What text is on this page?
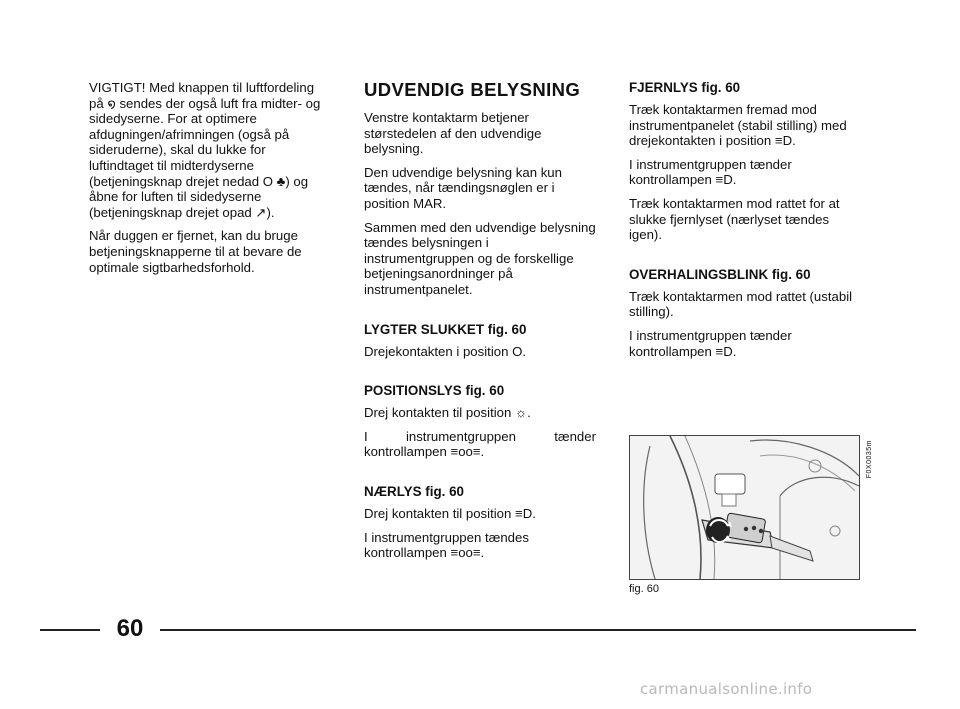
VIGTIGT! Med knappen til luftfordeling på ໑ sendes der også luft fra midter- og sidedyserne. For at optimere afdugningen/afrimningen (også på sideruderne), skal du lukke for luftindtaget til midterdyserne (betjeningsknap drejet nedad O ♣) og åbne for luften til sidedyserne (betjeningsknap drejet opad ↗).

Når duggen er fjernet, kan du bruge betjeningsknapperne til at bevare de optimale sigtbarhedsforhold.

UDVENDIG BELYSNING

Venstre kontaktarm betjener størstedelen af den udvendige belysning.

Den udvendige belysning kan kun tændes, når tændingsnøglen er i position MAR.

Sammen med den udvendige belysning tændes belysningen i instrumentgruppen og de forskellige betjeningsanordninger på instrumentpanelet.

LYGTER SLUKKET fig. 60

Drejekontakten i position O.

POSITIONSLYS fig. 60

Drej kontakten til position ☼.

I instrumentgruppen tænder
kontrollampen ≡oo≡.

NÆRLYS fig. 60

Drej kontakten til position ≡D.

I instrumentgruppen tændes kontrollampen ≡oo≡.

FJERNLYS fig. 60

Træk kontaktarmen fremad mod instrumentpanelet (stabil stilling) med drejekontakten i position ≡D.

I instrumentgruppen tænder kontrollampen ≡D.

Træk kontaktarmen mod rattet for at slukke fjernlyset (nærlyset tændes igen).

OVERHALINGSBLINK fig. 60

Træk kontaktarmen mod rattet (ustabil stilling).

I instrumentgruppen tænder kontrollampen ≡D.

F0X0035m
fig. 60
60
carmanualsonline.info
